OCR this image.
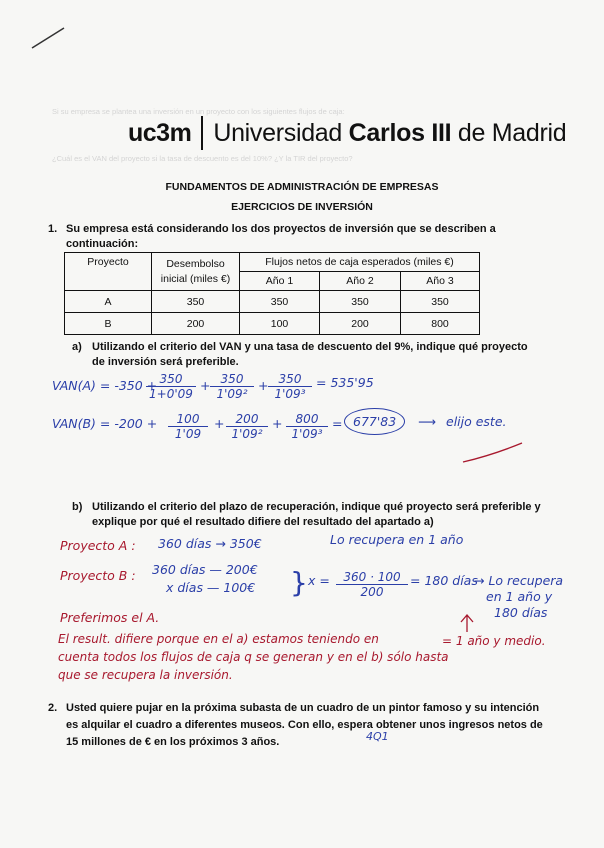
Si su empresa se plantea una inversión en un proyecto con los siguientes flujos de caja:
¿Cuál es el VAN del proyecto si la tasa de descuento es del 10%? ¿Y la TIR del proyecto?
uc3m Universidad Carlos III de Madrid
FUNDAMENTOS DE ADMINISTRACIÓN DE EMPRESAS
EJERCICIOS DE INVERSIÓN
1. Su empresa está considerando los dos proyectos de inversión que se describen a continuación:
Proyecto	Desembolso inicial (miles €)	Flujos netos de caja esperados (miles €)		
		Año 1	Año 2	Año 3
A	350	350	350	350
B	200	100	200	800
a) Utilizando el criterio del VAN y una tasa de descuento del 9%, indique qué proyecto de inversión será preferible.
VAN(A) = -350 +
$\frac{350}{1+0'09} + \frac{350}{\text{1'09²}} + \frac{350}{\text{1'09³}} = 535'95$
$VAN(B) = -200 + \frac{100}{1'09} + \frac{200}{\text{1'09²}} + \frac{800}{\text{1'09³}} = 677'83$	⟶ elijo este.
b) Utilizando el criterio del plazo de recuperación, indique qué proyecto será preferible y explique por qué el resultado difiere del resultado del apartado a)
Proyecto A : 360 días → 350€	Lo recupera en 1 año
Proyecto B : 360 días — 200€
x días — 100€ } $x = \frac{360 \cdot 100}{200} = 180$ días
→ Lo recupera
en 1 año y
180 días
Preferimos el A.
El result. difiere porque en el a) estamos teniendo en	= 1 año y medio.
cuenta todos los flujos de caja q se generan y en el b) sólo hasta
que se recupera la inversión.
2. Usted quiere pujar en la próxima subasta de un cuadro de un pintor famoso y su intención es alquilar el cuadro a diferentes museos. Con ello, espera obtener unos ingresos netos de 15 millones de € en los próximos 3 años.	4Q1
